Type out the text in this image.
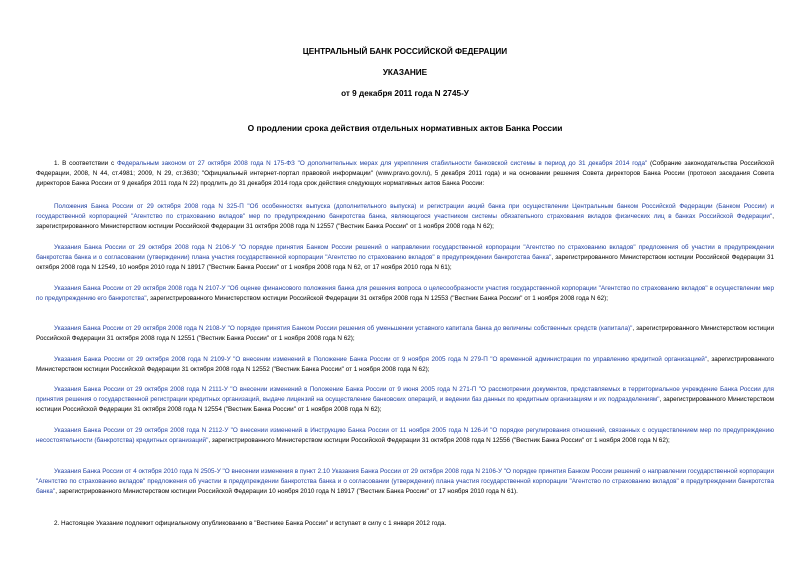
ЦЕНТРАЛЬНЫЙ БАНК РОССИЙСКОЙ ФЕДЕРАЦИИ

УКАЗАНИЕ

от 9 декабря 2011 года N 2745-У

О продлении срока действия отдельных нормативных актов Банка России

1. В соответствии с Федеральным законом от 27 октября 2008 года N 175-ФЗ "О дополнительных мерах для укрепления стабильности банковской системы в период до 31 декабря 2014 года" (Собрание законодательства Российской Федерации, 2008, N 44, ст.4981; 2009, N 29, ст.3630; "Официальный интернет-портал правовой информации" (www.pravo.gov.ru), 5 декабря 2011 года) и на основании решения Совета директоров Банка России (протокол заседания Совета директоров Банка России от 9 декабря 2011 года N 22) продлить до 31 декабря 2014 года срок действия следующих нормативных актов Банка России:

Положения Банка России от 29 октября 2008 года N 325-П "Об особенностях выпуска (дополнительного выпуска) и регистрации акций банка при осуществлении Центральным банком Российской Федерации (Банком России) и государственной корпорацией "Агентство по страхованию вкладов" мер по предупреждению банкротства банка, являющегося участником системы обязательного страхования вкладов физических лиц в банках Российской Федерации", зарегистрированного Министерством юстиции Российской Федерации 31 октября 2008 года N 12557 ("Вестник Банка России" от 1 ноября 2008 года N 62);

Указания Банка России от 29 октября 2008 года N 2106-У "О порядке принятия Банком России решений о направлении государственной корпорации "Агентство по страхованию вкладов" предложения об участии в предупреждении банкротства банка и о согласовании (утверждении) плана участия государственной корпорации "Агентство по страхованию вкладов" в предупреждении банкротства банка", зарегистрированного Министерством юстиции Российской Федерации 31 октября 2008 года N 12549, 10 ноября 2010 года N 18917 ("Вестник Банка России" от 1 ноября 2008 года N 62, от 17 ноября 2010 года N 61);

Указания Банка России от 29 октября 2008 года N 2107-У "Об оценке финансового положения банка для решения вопроса о целесообразности участия государственной корпорации "Агентство по страхованию вкладов" в осуществлении мер по предупреждению его банкротства", зарегистрированного Министерством юстиции Российской Федерации 31 октября 2008 года N 12553 ("Вестник Банка России" от 1 ноября 2008 года N 62);

Указания Банка России от 29 октября 2008 года N 2108-У "О порядке принятия Банком России решения об уменьшении уставного капитала банка до величины собственных средств (капитала)", зарегистрированного Министерством юстиции Российской Федерации 31 октября 2008 года N 12551 ("Вестник Банка России" от 1 ноября 2008 года N 62);

Указания Банка России от 29 октября 2008 года N 2109-У "О внесении изменений в Положение Банка России от 9 ноября 2005 года N 279-П "О временной администрации по управлению кредитной организацией", зарегистрированного Министерством юстиции Российской Федерации 31 октября 2008 года N 12552 ("Вестник Банка России" от 1 ноября 2008 года N 62);

Указания Банка России от 29 октября 2008 года N 2111-У "О внесении изменений в Положение Банка России от 9 июня 2005 года N 271-П "О рассмотрении документов, представляемых в территориальное учреждение Банка России для принятия решения о государственной регистрации кредитных организаций, выдаче лицензий на осуществление банковских операций, и ведении баз данных по кредитным организациям и их подразделениям", зарегистрированного Министерством юстиции Российской Федерации 31 октября 2008 года N 12554 ("Вестник Банка России" от 1 ноября 2008 года N 62);

Указания Банка России от 29 октября 2008 года N 2112-У "О внесении изменений в Инструкцию Банка России от 11 ноября 2005 года N 126-И "О порядке регулирования отношений, связанных с осуществлением мер по предупреждению несостоятельности (банкротства) кредитных организаций", зарегистрированного Министерством юстиции Российской Федерации 31 октября 2008 года N 12556 ("Вестник Банка России" от 1 ноября 2008 года N 62);

Указания Банка России от 4 октября 2010 года N 2505-У "О внесении изменения в пункт 2.10 Указания Банка России от 29 октября 2008 года N 2106-У "О порядке принятия Банком России решений о направлении государственной корпорации "Агентство по страхованию вкладов" предложения об участии в предупреждении банкротства банка и о согласовании (утверждении) плана участия государственной корпорации "Агентство по страхованию вкладов" в предупреждении банкротства банка", зарегистрированного Министерством юстиции Российской Федерации 10 ноября 2010 года N 18917 ("Вестник Банка России" от 17 ноября 2010 года N 61).

2. Настоящее Указание подлежит официальному опубликованию в "Вестнике Банка России" и вступает в силу с 1 января 2012 года.
